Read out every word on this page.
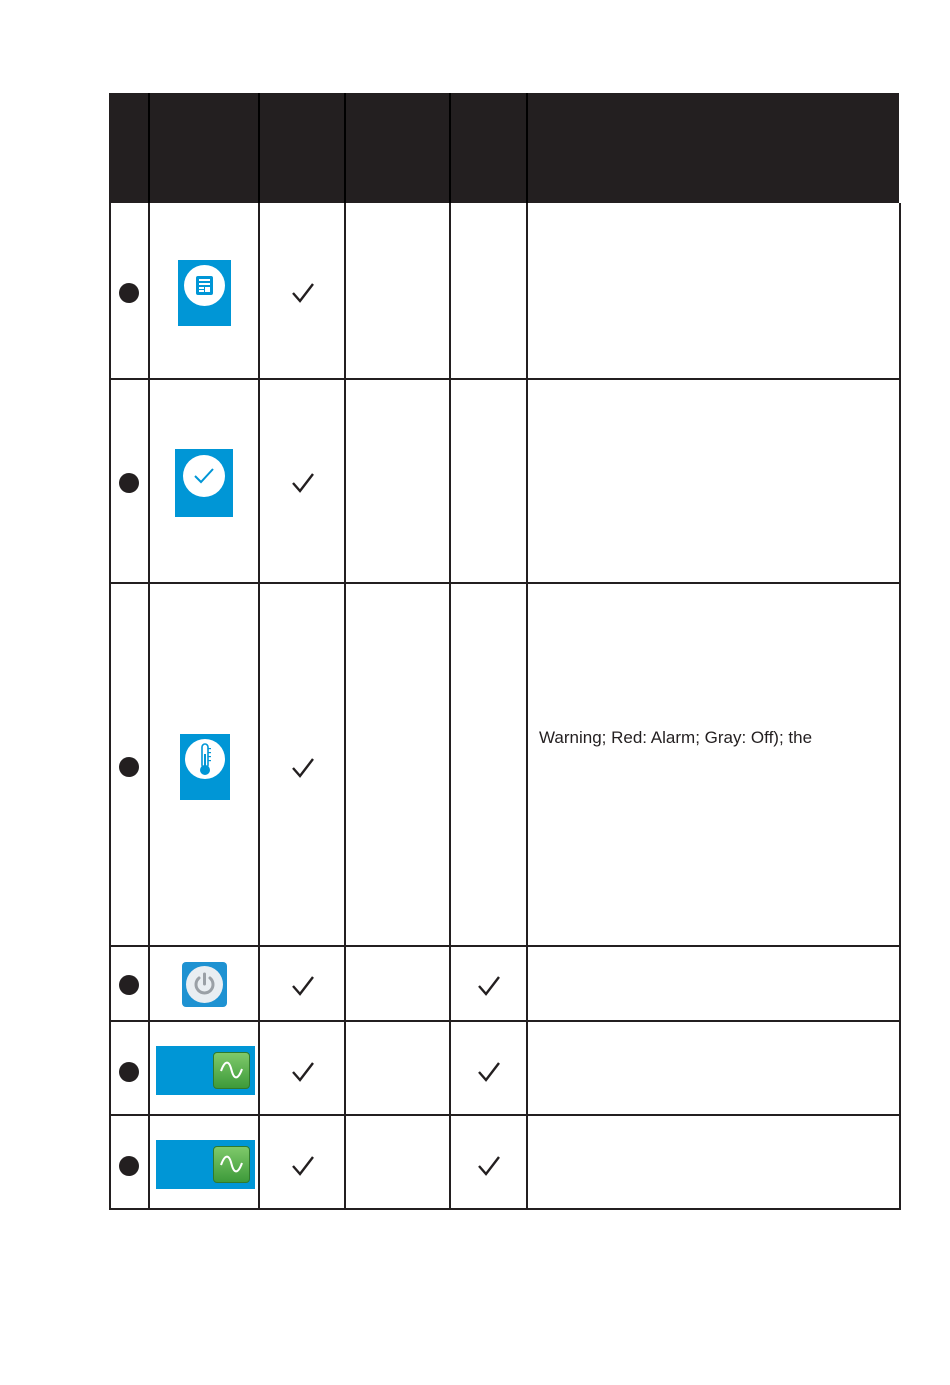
Warning; Red: Alarm; Gray: Off); the
